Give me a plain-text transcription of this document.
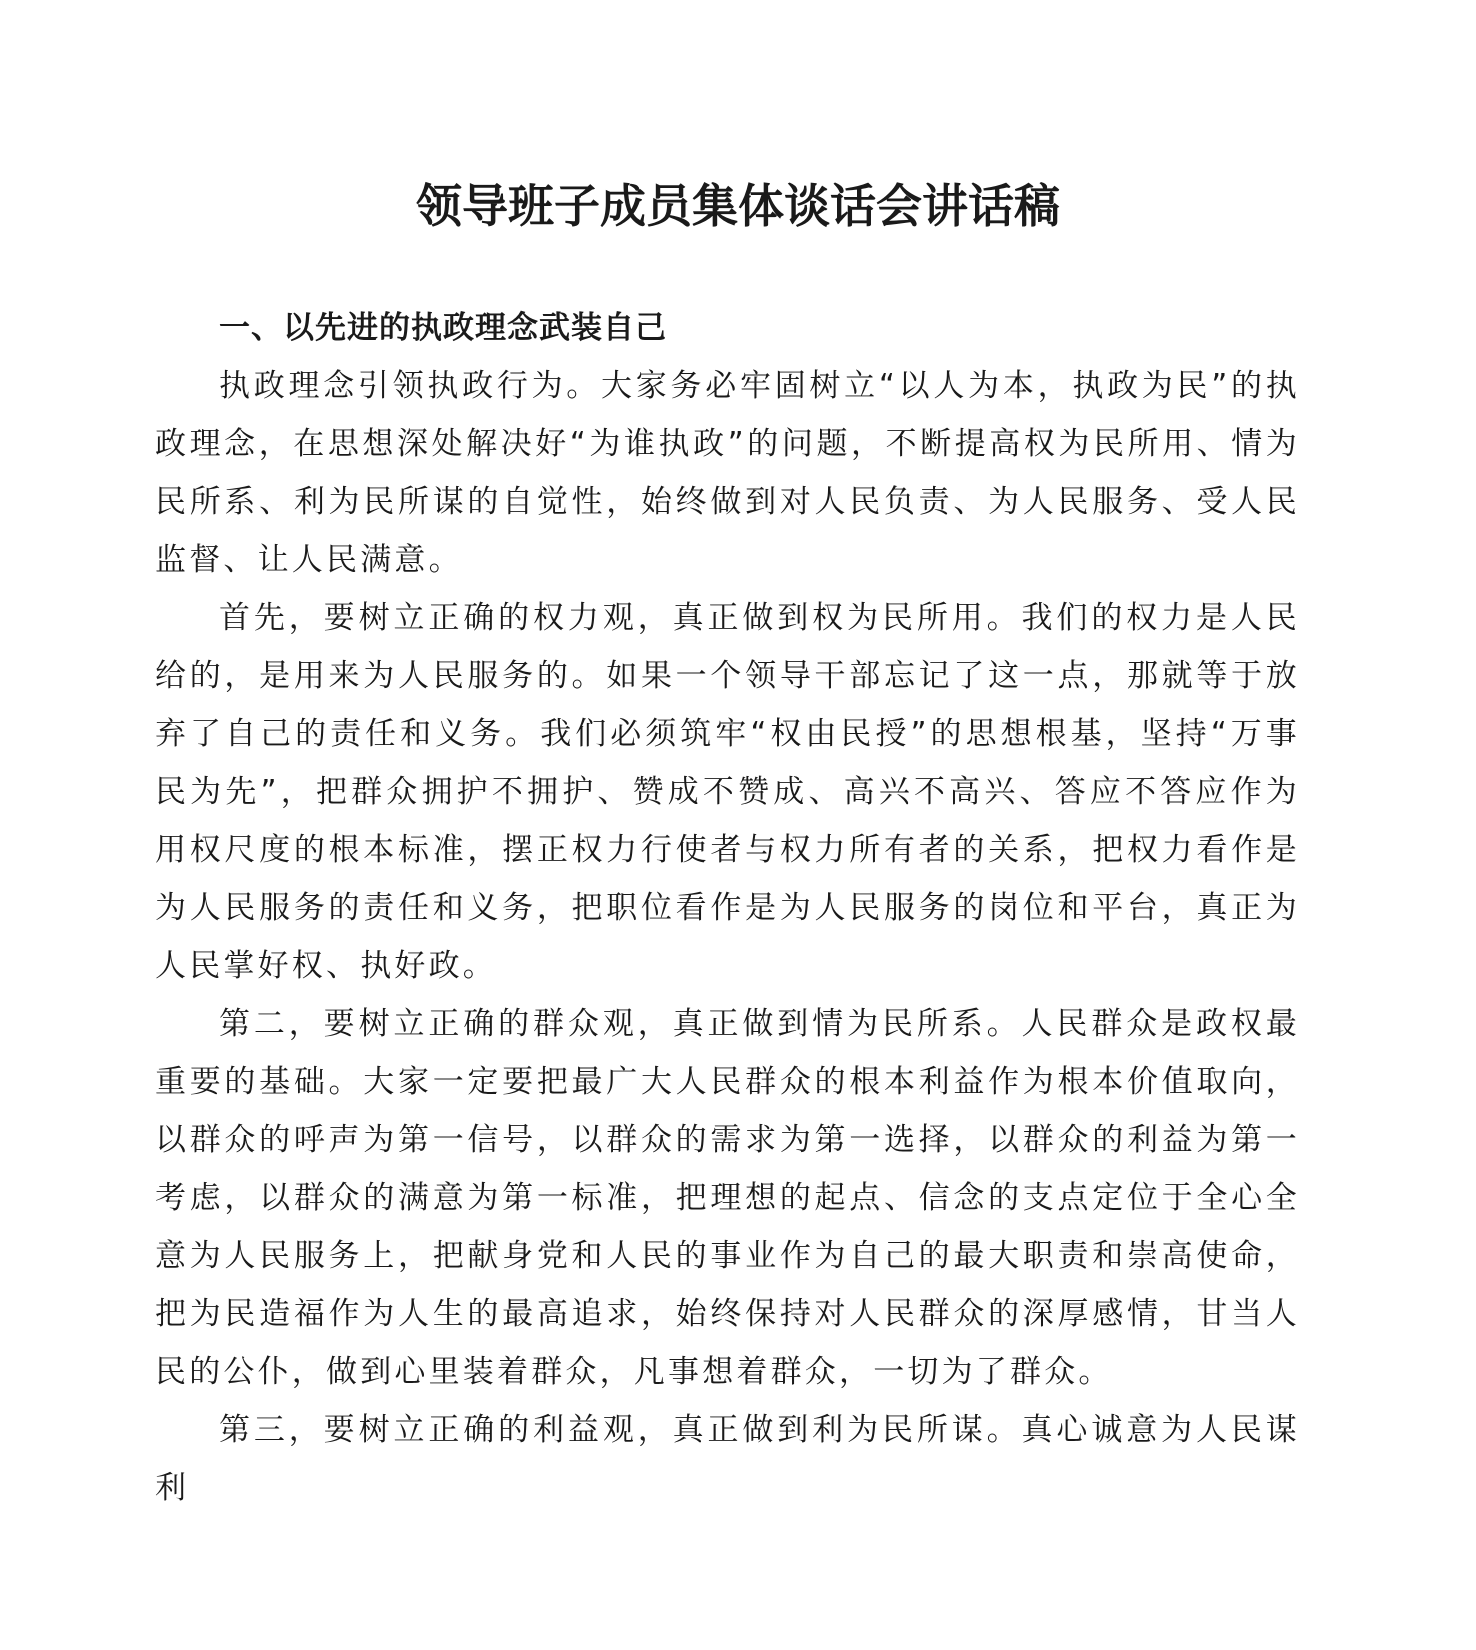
领导班子成员集体谈话会讲话稿

一、以先进的执政理念武装自己

执政理念引领执政行为。大家务必牢固树立“以人为本，执政为民”的执政理念，在思想深处解决好“为谁执政”的问题，不断提高权为民所用、情为民所系、利为民所谋的自觉性，始终做到对人民负责、为人民服务、受人民监督、让人民满意。

首先，要树立正确的权力观，真正做到权为民所用。我们的权力是人民给的，是用来为人民服务的。如果一个领导干部忘记了这一点，那就等于放弃了自己的责任和义务。我们必须筑牢“权由民授”的思想根基，坚持“万事民为先”，把群众拥护不拥护、赞成不赞成、高兴不高兴、答应不答应作为用权尺度的根本标准，摆正权力行使者与权力所有者的关系，把权力看作是为人民服务的责任和义务，把职位看作是为人民服务的岗位和平台，真正为人民掌好权、执好政。

第二，要树立正确的群众观，真正做到情为民所系。人民群众是政权最重要的基础。大家一定要把最广大人民群众的根本利益作为根本价值取向，以群众的呼声为第一信号，以群众的需求为第一选择，以群众的利益为第一考虑，以群众的满意为第一标准，把理想的起点、信念的支点定位于全心全意为人民服务上，把献身党和人民的事业作为自己的最大职责和崇高使命，把为民造福作为人生的最高追求，始终保持对人民群众的深厚感情，甘当人民的公仆，做到心里装着群众，凡事想着群众，一切为了群众。

第三，要树立正确的利益观，真正做到利为民所谋。真心诚意为人民谋利
